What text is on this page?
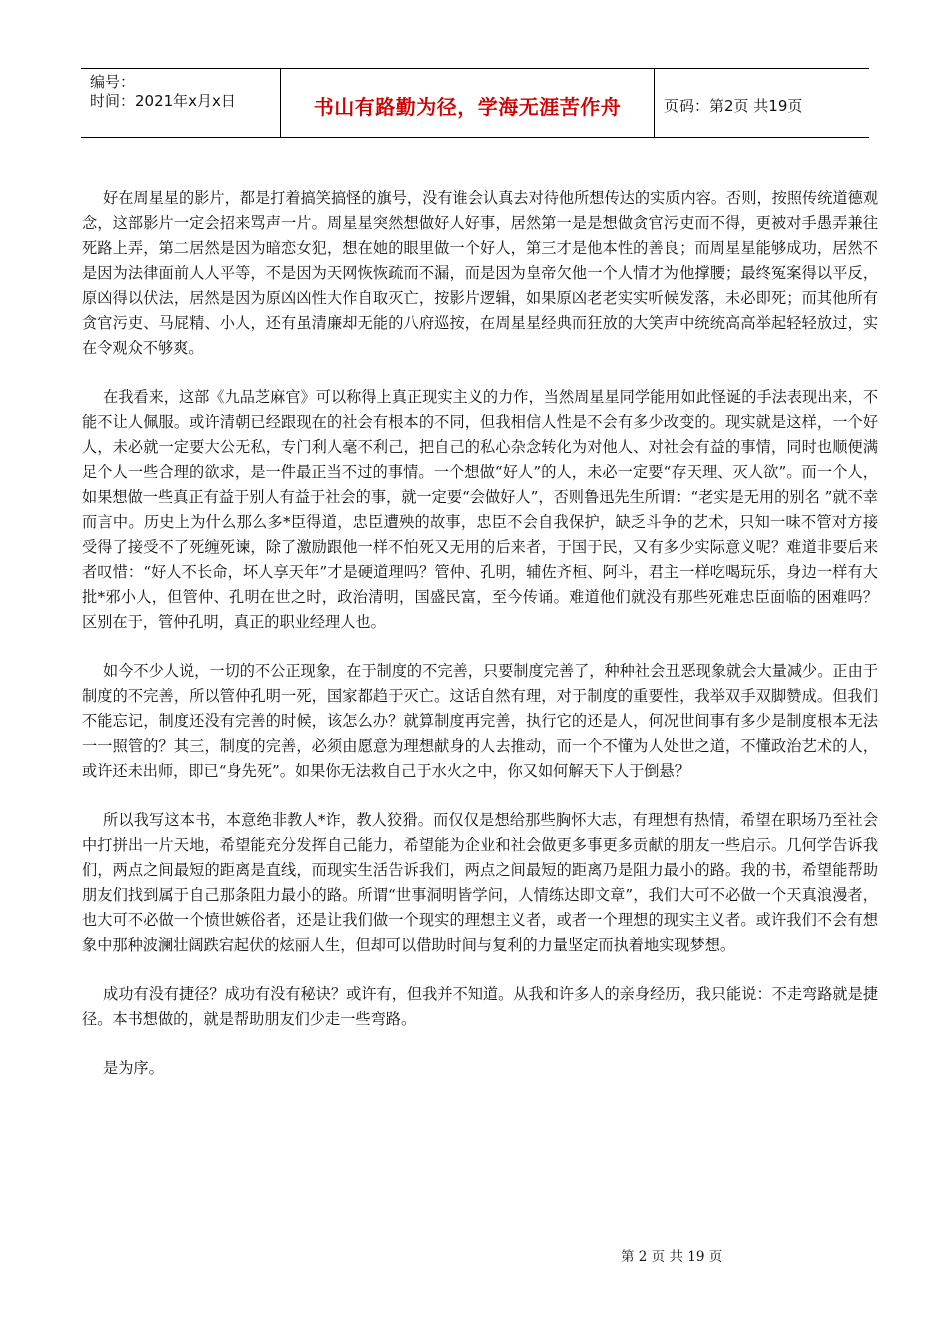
编号：
时间：2021年x月x日	书山有路勤为径，学海无涯苦作舟	页码：第2页 共19页

好在周星星的影片，都是打着搞笑搞怪的旗号，没有谁会认真去对待他所想传达的实质内容。否则，按照传统道德观念，这部影片一定会招来骂声一片。周星星突然想做好人好事，居然第一是是想做贪官污吏而不得，更被对手愚弄兼往死路上弄，第二居然是因为暗恋女犯，想在她的眼里做一个好人，第三才是他本性的善良；而周星星能够成功，居然不是因为法律面前人人平等，不是因为天网恢恢疏而不漏，而是因为皇帝欠他一个人情才为他撑腰；最终冤案得以平反，原凶得以伏法，居然是因为原凶凶性大作自取灭亡，按影片逻辑，如果原凶老老实实听候发落，未必即死；而其他所有贪官污吏、马屁精、小人，还有虽清廉却无能的八府巡按，在周星星经典而狂放的大笑声中统统高高举起轻轻放过，实在令观众不够爽。

在我看来，这部《九品芝麻官》可以称得上真正现实主义的力作，当然周星星同学能用如此怪诞的手法表现出来，不能不让人佩服。或许清朝已经跟现在的社会有根本的不同，但我相信人性是不会有多少改变的。现实就是这样，一个好人，未必就一定要大公无私，专门利人毫不利己，把自己的私心杂念转化为对他人、对社会有益的事情，同时也顺便满足个人一些合理的欲求，是一件最正当不过的事情。一个想做“好人”的人，未必一定要“存天理、灭人欲”。而一个人，如果想做一些真正有益于别人有益于社会的事，就一定要“会做好人”，否则鲁迅先生所谓：“老实是无用的别名 ”就不幸而言中。历史上为什么那么多*臣得道，忠臣遭殃的故事，忠臣不会自我保护，缺乏斗争的艺术，只知一味不管对方接受得了接受不了死缠死谏，除了激励跟他一样不怕死又无用的后来者，于国于民，又有多少实际意义呢？难道非要后来者叹惜：“好人不长命，坏人享天年”才是硬道理吗？管仲、孔明，辅佐齐桓、阿斗，君主一样吃喝玩乐，身边一样有大批*邪小人，但管仲、孔明在世之时，政治清明，国盛民富，至今传诵。难道他们就没有那些死难忠臣面临的困难吗？区别在于，管仲孔明，真正的职业经理人也。

如今不少人说，一切的不公正现象，在于制度的不完善，只要制度完善了，种种社会丑恶现象就会大量减少。正由于制度的不完善，所以管仲孔明一死，国家都趋于灭亡。这话自然有理，对于制度的重要性，我举双手双脚赞成。但我们不能忘记，制度还没有完善的时候，该怎么办？就算制度再完善，执行它的还是人，何况世间事有多少是制度根本无法一一照管的？其三，制度的完善，必须由愿意为理想献身的人去推动，而一个不懂为人处世之道，不懂政治艺术的人，或许还未出师，即已“身先死”。如果你无法救自己于水火之中，你又如何解天下人于倒悬？

所以我写这本书，本意绝非教人*诈，教人狡猾。而仅仅是想给那些胸怀大志，有理想有热情，希望在职场乃至社会中打拼出一片天地，希望能充分发挥自己能力，希望能为企业和社会做更多事更多贡献的朋友一些启示。几何学告诉我们，两点之间最短的距离是直线，而现实生活告诉我们，两点之间最短的距离乃是阻力最小的路。我的书，希望能帮助朋友们找到属于自己那条阻力最小的路。所谓“世事洞明皆学问，人情练达即文章”，我们大可不必做一个天真浪漫者，也大可不必做一个愤世嫉俗者，还是让我们做一个现实的理想主义者，或者一个理想的现实主义者。或许我们不会有想象中那种波澜壮阔跌宕起伏的炫丽人生，但却可以借助时间与复利的力量坚定而执着地实现梦想。

成功有没有捷径？成功有没有秘诀？或许有，但我并不知道。从我和许多人的亲身经历，我只能说：不走弯路就是捷径。本书想做的，就是帮助朋友们少走一些弯路。

是为序。

第 2 页 共 19 页
